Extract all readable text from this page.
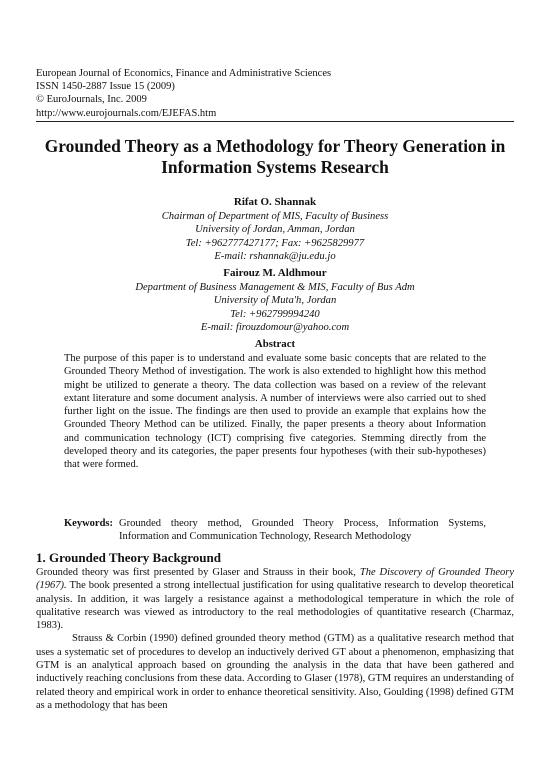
European Journal of Economics, Finance and Administrative Sciences
ISSN 1450-2887 Issue 15 (2009)
© EuroJournals, Inc. 2009
http://www.eurojournals.com/EJEFAS.htm
Grounded Theory as a Methodology for Theory Generation in
Information Systems Research
Rifat O. Shannak
Chairman of Department of MIS, Faculty of Business
University of Jordan, Amman, Jordan
Tel: +962777427177; Fax: +9625829977
E-mail: rshannak@ju.edu.jo
Fairouz M. Aldhmour
Department of Business Management & MIS, Faculty of Bus Adm
University of Muta'h, Jordan
Tel: +962799994240
E-mail: firouzdomour@yahoo.com
Abstract
The purpose of this paper is to understand and evaluate some basic concepts that are related to the Grounded Theory Method of investigation. The work is also extended to highlight how this method might be utilized to generate a theory. The data collection was based on a review of the relevant extant literature and some document analysis. A number of interviews were also carried out to shed further light on the issue. The findings are then used to provide an example that explains how the Grounded Theory Method can be utilized. Finally, the paper presents a theory about Information and communication technology (ICT) comprising five categories. Stemming directly from the developed theory and its categories, the paper presents four hypotheses (with their sub-hypotheses) that were formed.
Keywords: Grounded theory method, Grounded Theory Process, Information Systems, Information and Communication Technology, Research Methodology
1. Grounded Theory Background

Grounded theory was first presented by Glaser and Strauss in their book, The Discovery of Grounded Theory (1967). The book presented a strong intellectual justification for using qualitative research to develop theoretical analysis. In addition, it was largely a resistance against a methodological temperature in which the role of qualitative research was viewed as introductory to the real methodologies of quantitative research (Charmaz, 1983).

Strauss & Corbin (1990) defined grounded theory method (GTM) as a qualitative research method that uses a systematic set of procedures to develop an inductively derived GT about a phenomenon, emphasizing that GTM is an analytical approach based on grounding the analysis in the data that have been gathered and inductively reaching conclusions from these data. According to Glaser (1978), GTM requires an understanding of related theory and empirical work in order to enhance theoretical sensitivity. Also, Goulding (1998) defined GTM as a methodology that has been
